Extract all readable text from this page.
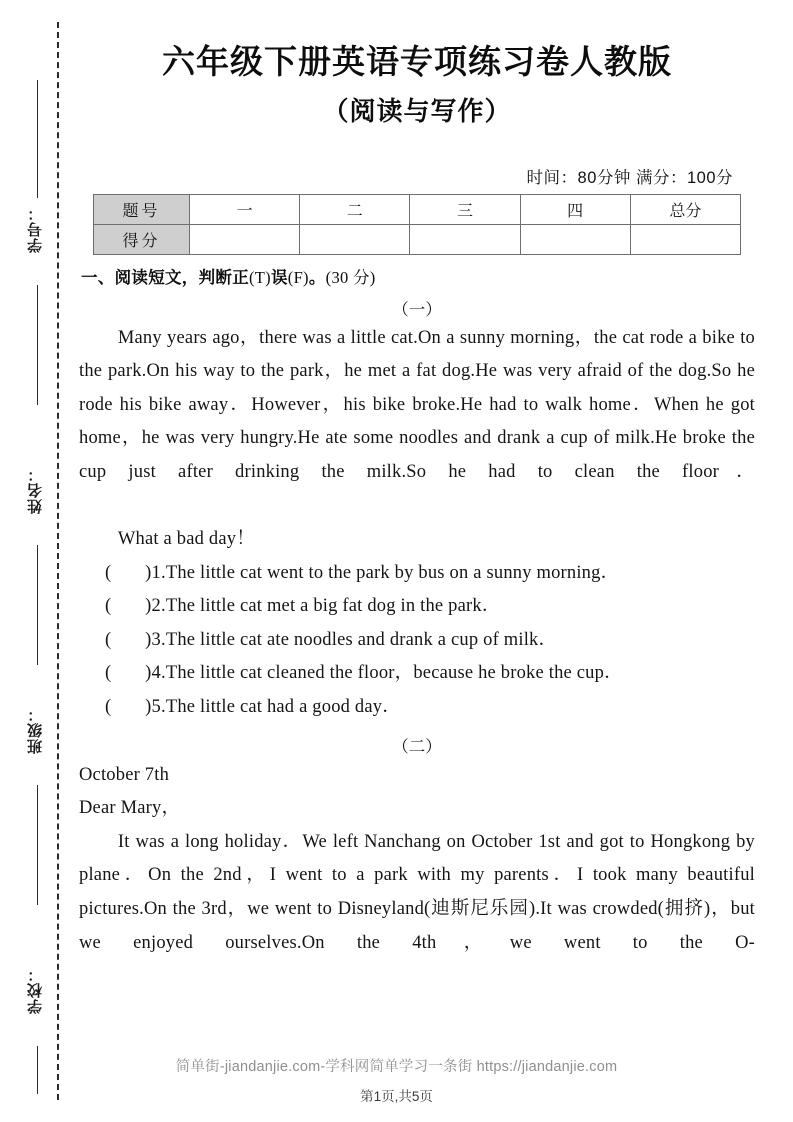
学号：
姓名：
班级：
学校：
六年级下册英语专项练习卷人教版
（阅读与写作）
时间：80分钟 满分：100分
题号	一	二	三	四	总分
得分					
一、阅读短文，判断正(T)误(F)。(30 分)
（一）

Many years ago，there was a little cat.On a sunny morning，the cat rode a bike to the park.On his way to the park，he met a fat dog.He was very afraid of the dog.So he rode his bike away．However，his bike broke.He had to walk home．When he got home，he was very hungry.He ate some noodles and drank a cup of milk.He broke the cup just after drinking the milk.So he had to clean the floor．

What a bad day！

( )1.The little cat went to the park by bus on a sunny morning．

( )2.The little cat met a big fat dog in the park．

( )3.The little cat ate noodles and drank a cup of milk．

( )4.The little cat cleaned the floor，because he broke the cup．

( )5.The little cat had a good day．

（二）

October 7th

Dear Mary，

It was a long holiday．We left Nanchang on October 1st and got to Hongkong by plane．On the 2nd，I went to a park with my parents．I took many beautiful pictures.On the 3rd，we went to Disneyland(迪斯尼乐园).It was crowded(拥挤)，but we enjoyed ourselves.On the 4th，we went to the O-

简单街-jiandanjie.com-学科网简单学习一条街 https://jiandanjie.com

第1页,共5页
